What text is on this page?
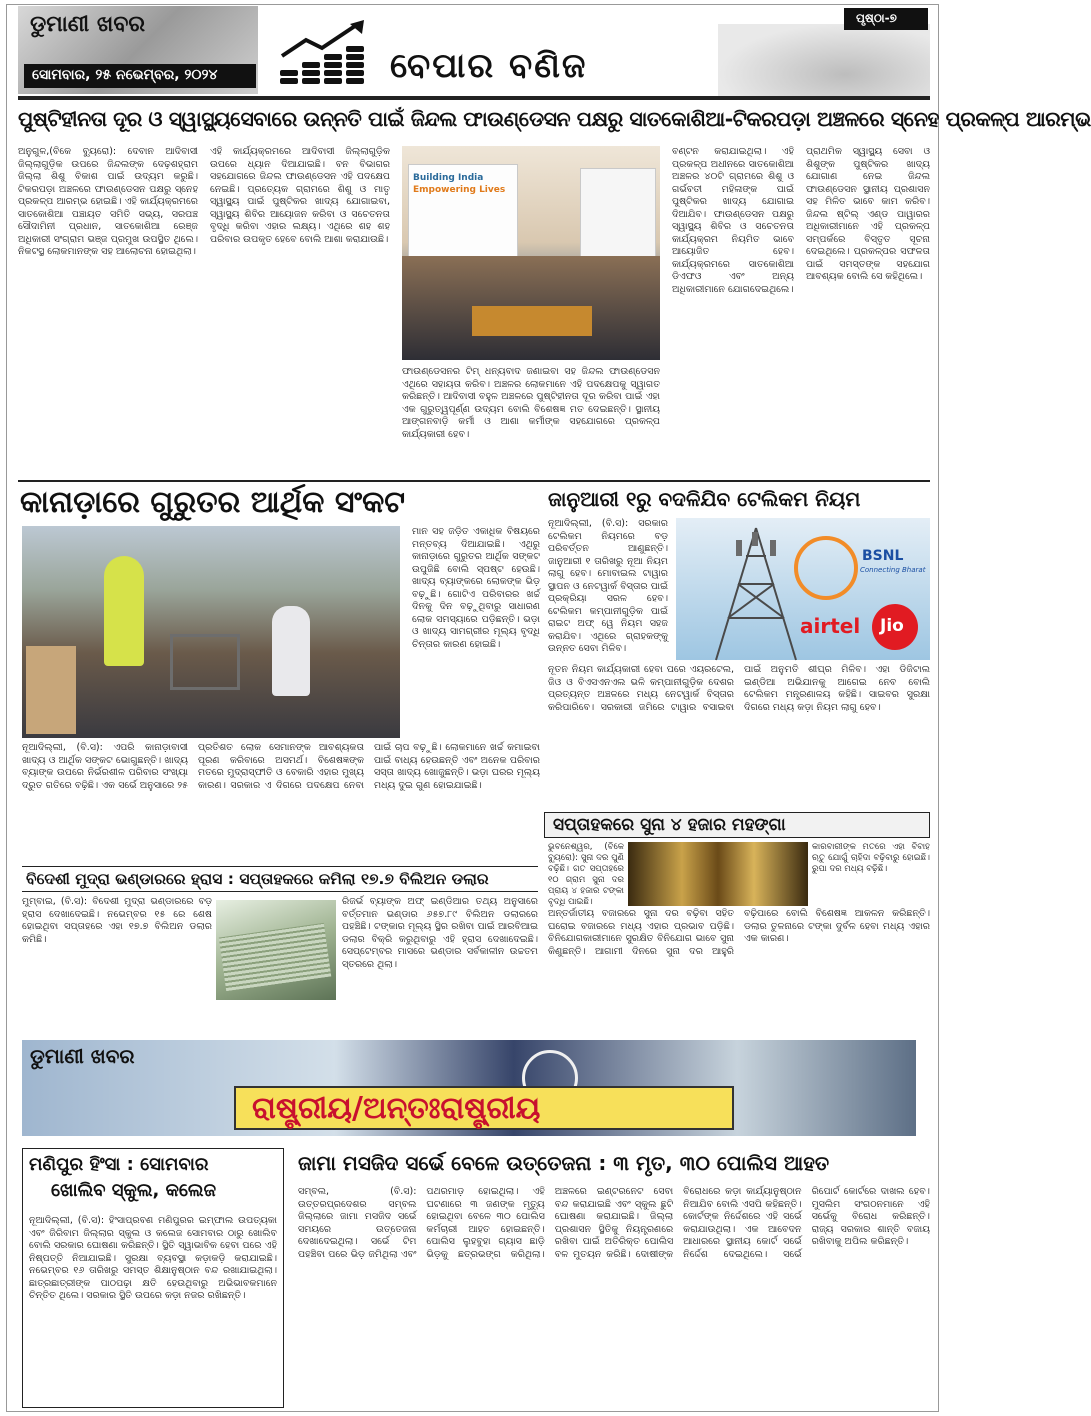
ଡୁମାଣୀ ଖବର
ସୋମବାର, ୨୫ ନଭେମ୍ବର, ୨୦୨୪	ବେପାର ବଣିଜ
ପୃଷ୍ଠା-୭
ପୁଷ୍ଟିହୀନତା ଦୂର ଓ ସ୍ୱାସ୍ଥ୍ୟସେବାରେ ଉନ୍ନତି ପାଇଁ ଜିନ୍ଦଲ ଫାଉଣ୍ଡେସନ ପକ୍ଷରୁ ସାତକୋଶିଆ-ଟିକରପଡ଼ା ଅଞ୍ଚଳରେ ସ୍ନେହ ପ୍ରକଳ୍ପ ଆରମ୍ଭ
ଅନୁଗୁଳ,(ବିକେ ବ୍ୟୁରୋ): ଦେବାନ ଆଦିବାସୀ ଜିଲ୍ଲାଗୁଡ଼ିକ ଉପରେ ଜିନ୍ଦଲଙ୍କ ଦେଢ଼ଶହ୍ରାମ ଜିଲ୍ଲା ଶିଶୁ ବିକାଶ ପାଇଁ ଉଦ୍ୟମ କରୁଛି। ଟିକରପଡ଼ା ଅଞ୍ଚଳରେ ଫାଉଣ୍ଡେସନ ପକ୍ଷରୁ ସ୍ନେହ ପ୍ରକଳ୍ପ ଆରମ୍ଭ ହୋଇଛି। ଏହି କାର୍ଯ୍ୟକ୍ରମରେ ସାତକୋଶିଆ ପଞ୍ଚାୟତ ସମିତି ସଭ୍ୟ, ସରପଞ୍ଚ ସୌଦାମିନୀ ପ୍ରଧାନ, ସାତକୋଶିଆ ରେଞ୍ଜ ଅଧିକାରୀ ସଂଗ୍ରାମ ଭଞ୍ଜ ପ୍ରମୁଖ ଉପସ୍ଥିତ ଥିଲେ। ନିକଟସ୍ଥ ଲୋକମାନଙ୍କ ସହ ଆଲୋଚନା ହୋଇଥିଲା।
ଏହି କାର୍ଯ୍ୟକ୍ରମରେ ଆଦିବାସୀ ଜିଲ୍ଲାଗୁଡ଼ିକ ଉପରେ ଧ୍ୟାନ ଦିଆଯାଇଛି। ବନ ବିଭାଗର ସହଯୋଗରେ ଜିନ୍ଦଲ ଫାଉଣ୍ଡେସନ ଏହି ପଦକ୍ଷେପ ନେଇଛି। ପ୍ରତ୍ୟେକ ଗ୍ରାମରେ ଶିଶୁ ଓ ମାତୃ ସ୍ୱାସ୍ଥ୍ୟ ପାଇଁ ପୁଷ୍ଟିକର ଖାଦ୍ୟ ଯୋଗାଇବା, ସ୍ୱାସ୍ଥ୍ୟ ଶିବିର ଆୟୋଜନ କରିବା ଓ ସଚେତନତା ବୃଦ୍ଧି କରିବା ଏହାର ଲକ୍ଷ୍ୟ। ଏଥିରେ ଶହ ଶହ ପରିବାର ଉପକୃତ ହେବେ ବୋଲି ଆଶା କରାଯାଉଛି।
Building India
Empowering Lives
ବଣ୍ଟନ କରାଯାଇଥିଲା। ଏହି ପ୍ରକଳ୍ପ ଅଧୀନରେ ସାତକୋଶିଆ ଅଞ୍ଚଳର ୪୦ଟି ଗ୍ରାମରେ ଶିଶୁ ଓ ଗର୍ଭବତୀ ମହିଳାଙ୍କ ପାଇଁ ପୁଷ୍ଟିକର ଖାଦ୍ୟ ଯୋଗାଇ ଦିଆଯିବ। ଫାଉଣ୍ଡେସନ ପକ୍ଷରୁ ସ୍ୱାସ୍ଥ୍ୟ ଶିବିର ଓ ସଚେତନତା କାର୍ଯ୍ୟକ୍ରମ ନିୟମିତ ଭାବେ ଆୟୋଜିତ ହେବ। କାର୍ଯ୍ୟକ୍ରମରେ ସାତକୋଶିଆ ଡିଏଫଓ ଏବଂ ଅନ୍ୟ ଅଧିକାରୀମାନେ ଯୋଗଦେଇଥିଲେ।
ପ୍ରାଥମିକ ସ୍ୱାସ୍ଥ୍ୟ ସେବା ଓ ଶିଶୁଙ୍କ ପୁଷ୍ଟିକର ଖାଦ୍ୟ ଯୋଗାଣ ନେଇ ଜିନ୍ଦଲ ଫାଉଣ୍ଡେସନ ସ୍ଥାନୀୟ ପ୍ରଶାସନ ସହ ମିଳିତ ଭାବେ କାମ କରିବ। ଜିନ୍ଦଲ ଷ୍ଟିଲ୍ ଏଣ୍ଡ ପାୱାରର ଅଧିକାରୀମାନେ ଏହି ପ୍ରକଳ୍ପ ସମ୍ପର୍କରେ ବିସ୍ତୃତ ସୂଚନା ଦେଇଥିଲେ। ପ୍ରକଳ୍ପର ସଫଳତା ପାଇଁ ସମସ୍ତଙ୍କ ସହଯୋଗ ଆବଶ୍ୟକ ବୋଲି ସେ କହିଥିଲେ।
ଫାଉଣ୍ଡେସନର ଟିମ୍ ଧନ୍ୟବାଦ ଜଣାଇବା ସହ ଜିନ୍ଦଲ ଫାଉଣ୍ଡେସନ ଏଥିରେ ସହାୟତା କରିବ। ଅଞ୍ଚଳର ଲୋକମାନେ ଏହି ପଦକ୍ଷେପକୁ ସ୍ୱାଗତ କରିଛନ୍ତି। ଆଦିବାସୀ ବହୁଳ ଅଞ୍ଚଳରେ ପୁଷ୍ଟିହୀନତା ଦୂର କରିବା ପାଇଁ ଏହା ଏକ ଗୁରୁତ୍ୱପୂର୍ଣ୍ଣ ଉଦ୍ୟମ ବୋଲି ବିଶେଷଜ୍ଞ ମତ ଦେଇଛନ୍ତି। ସ୍ଥାନୀୟ ଆଙ୍ଗନବାଡ଼ି କର୍ମୀ ଓ ଆଶା କର୍ମୀଙ୍କ ସହଯୋଗରେ ପ୍ରକଳ୍ପ କାର୍ଯ୍ୟକାରୀ ହେବ।
କାନାଡ଼ାରେ ଗୁରୁତର ଆର୍ଥିକ ସଂକଟ
ମାନ ସହ ଜଡ଼ିତ ଏକାଧିକ ବିଷୟରେ ମନ୍ତବ୍ୟ ଦିଆଯାଇଛି। ଏଥିରୁ କାନାଡ଼ାରେ ଗୁରୁତର ଆର୍ଥିକ ସଙ୍କଟ ଉପୁଜିଛି ବୋଲି ସ୍ପଷ୍ଟ ହେଉଛି। ଖାଦ୍ୟ ବ୍ୟାଙ୍କରେ ଲୋକଙ୍କ ଭିଡ଼ ବଢ଼ୁଛି। ଗୋଟିଏ ପରିବାରର ଖର୍ଚ୍ଚ ଦିନକୁ ଦିନ ବଢ଼ୁଥିବାରୁ ସାଧାରଣ ଲୋକ ସମସ୍ୟାରେ ପଡ଼ିଛନ୍ତି। ଭଡ଼ା ଓ ଖାଦ୍ୟ ସାମଗ୍ରୀର ମୂଲ୍ୟ ବୃଦ୍ଧି ଚିନ୍ତାର କାରଣ ହୋଇଛି।
ନୂଆଦିଲ୍ଲୀ, (ବି.ସ): ଏପରି କାନାଡ଼ାବାସୀ ଖାଦ୍ୟ ଓ ଆର୍ଥିକ ସଙ୍କଟ ଭୋଗୁଛନ୍ତି। ଖାଦ୍ୟ ବ୍ୟାଙ୍କ ଉପରେ ନିର୍ଭରଶୀଳ ପରିବାର ସଂଖ୍ୟା ଦ୍ରୁତ ଗତିରେ ବଢ଼ିଛି। ଏକ ସର୍ଭେ ଅନୁସାରେ ୨୫ ପ୍ରତିଶତ ଲୋକ ସେମାନଙ୍କ ଆବଶ୍ୟକତା ପୂରଣ କରିବାରେ ଅସମର୍ଥ। ବିଶେଷଜ୍ଞଙ୍କ ମତରେ ମୁଦ୍ରାସ୍ଫୀତି ଓ ବେକାରି ଏହାର ମୁଖ୍ୟ କାରଣ। ସରକାର ଏ ଦିଗରେ ପଦକ୍ଷେପ ନେବା ପାଇଁ ଚାପ ବଢ଼ୁଛି। ଲୋକମାନେ ଖର୍ଚ୍ଚ କମାଇବା ପାଇଁ ବାଧ୍ୟ ହେଉଛନ୍ତି ଏବଂ ଅନେକ ପରିବାର ସସ୍ତା ଖାଦ୍ୟ ଖୋଜୁଛନ୍ତି। ଭଡ଼ା ଘରର ମୂଲ୍ୟ ମଧ୍ୟ ଦୁଇ ଗୁଣ ହୋଇଯାଇଛି।
ଜାନୁଆରୀ ୧ରୁ ବଦଳିଯିବ ଟେଲିକମ ନିୟମ
ନୂଆଦିଲ୍ଲୀ, (ବି.ସ): ସରକାର ଟେଲିକମ ନିୟମରେ ବଡ଼ ପରିବର୍ତ୍ତନ ଆଣୁଛନ୍ତି। ଜାନୁଆରୀ ୧ ତାରିଖରୁ ନୂଆ ନିୟମ ଲାଗୁ ହେବ। ମୋବାଇଲ ଟାୱାର ସ୍ଥାପନ ଓ ନେଟୱାର୍କ ବିସ୍ତାର ପାଇଁ ପ୍ରକ୍ରିୟା ସରଳ ହେବ। ଟେଲିକମ କମ୍ପାନୀଗୁଡ଼ିକ ପାଇଁ ରାଇଟ ଅଫ୍ ୱେ ନିୟମ ସହଜ କରାଯିବ। ଏଥିରେ ଗ୍ରାହକଙ୍କୁ ଉନ୍ନତ ସେବା ମିଳିବ।
BSNL
Connecting Bharat
airtel Jio
ନୂତନ ନିୟମ କାର୍ଯ୍ୟକାରୀ ହେବା ପରେ ଏୟରଟେଲ, ଜିଓ ଓ ବିଏସଏନଏଲ ଭଳି କମ୍ପାନୀଗୁଡ଼ିକ ଦେଶର ପ୍ରତ୍ୟନ୍ତ ଅଞ୍ଚଳରେ ମଧ୍ୟ ନେଟୱାର୍କ ବିସ୍ତାର କରିପାରିବେ। ସରକାରୀ ଜମିରେ ଟାୱାର ବସାଇବା ପାଇଁ ଅନୁମତି ଶୀଘ୍ର ମିଳିବ। ଏହା ଡିଜିଟାଲ ଇଣ୍ଡିଆ ଅଭିଯାନକୁ ଆଗେଇ ନେବ ବୋଲି ଟେଲିକମ ମନ୍ତ୍ରଣାଳୟ କହିଛି। ସାଇବର ସୁରକ୍ଷା ଦିଗରେ ମଧ୍ୟ କଡ଼ା ନିୟମ ଲାଗୁ ହେବ।
ସପ୍ତାହକରେ ସୁନା ୪ ହଜାର ମହଙ୍ଗା
ଭୁବନେଶ୍ୱର, (ବିକେ ବ୍ୟୁରୋ): ସୁନା ଦର ପୁଣି ବଢ଼ିଛି। ଗତ ସପ୍ତାହରେ ୧୦ ଗ୍ରାମ ସୁନା ଦର ପ୍ରାୟ ୪ ହଜାର ଟଙ୍କା ବୃଦ୍ଧି ପାଇଛି।
କାରବାରୀଙ୍କ ମତରେ ଏହା ବିବାହ ଋତୁ ଯୋଗୁଁ ଚାହିଦା ବଢ଼ିବାରୁ ହୋଇଛି। ରୁପା ଦର ମଧ୍ୟ ବଢ଼ିଛି।
ଅନ୍ତର୍ଜାତୀୟ ବଜାରରେ ସୁନା ଦର ବଢ଼ିବା ସହିତ ଘରୋଇ ବଜାରରେ ମଧ୍ୟ ଏହାର ପ୍ରଭାବ ପଡ଼ିଛି। ବିନିଯୋଗକାରୀମାନେ ସୁରକ୍ଷିତ ବିନିଯୋଗ ଭାବେ ସୁନା କିଣୁଛନ୍ତି। ଆଗାମୀ ଦିନରେ ସୁନା ଦର ଆହୁରି ବଢ଼ିପାରେ ବୋଲି ବିଶେଷଜ୍ଞ ଆକଳନ କରିଛନ୍ତି। ଡଲାର ତୁଳନାରେ ଟଙ୍କା ଦୁର୍ବଳ ହେବା ମଧ୍ୟ ଏହାର ଏକ କାରଣ।
ବିଦେଶୀ ମୁଦ୍ରା ଭଣ୍ଡାରରେ ହ୍ରାସ : ସପ୍ତାହକରେ କମିଲା ୧୭.୭ ବିଲିଅନ ଡଲାର
ମୁମ୍ବାଇ, (ବି.ସ): ବିଦେଶୀ ମୁଦ୍ରା ଭଣ୍ଡାରରେ ବଡ଼ ହ୍ରାସ ଦେଖାଦେଇଛି। ନଭେମ୍ବର ୧୫ ରେ ଶେଷ ହୋଇଥିବା ସପ୍ତାହରେ ଏହା ୧୭.୭ ବିଲିଅନ ଡଲାର କମିଛି।
ରିଜର୍ଭ ବ୍ୟାଙ୍କ ଅଫ୍ ଇଣ୍ଡିଆର ତଥ୍ୟ ଅନୁସାରେ ବର୍ତ୍ତମାନ ଭଣ୍ଡାର ୬୫୭.୮୯ ବିଲିଅନ ଡଲାରରେ ପହଞ୍ଚିଛି। ଟଙ୍କାର ମୂଲ୍ୟ ସ୍ଥିର ରଖିବା ପାଇଁ ଆରବିଆଇ ଡଲାର ବିକ୍ରି କରୁଥିବାରୁ ଏହି ହ୍ରାସ ଦେଖାଦେଇଛି। ସେପ୍ଟେମ୍ବର ମାସରେ ଭଣ୍ଡାର ସର୍ବକାଳୀନ ଉଚ୍ଚତମ ସ୍ତରରେ ଥିଲା।
ଡୁମାଣୀ ଖବର
ରାଷ୍ଟ୍ରୀୟ/ଅନ୍ତଃରାଷ୍ଟ୍ରୀୟ
ମଣିପୁର ହିଂସା : ସୋମବାର
ଖୋଲିବ ସ୍କୁଲ, କଲେଜ
ନୂଆଦିଲ୍ଲୀ, (ବି.ସ): ହିଂସାପ୍ରବଣ ମଣିପୁରର ଇମ୍ଫାଲ ଉପତ୍ୟକା ଏବଂ ଜିରିବାମ ଜିଲ୍ଲାର ସ୍କୁଲ ଓ କଲେଜ ସୋମବାର ଠାରୁ ଖୋଲିବ ବୋଲି ସରକାର ଘୋଷଣା କରିଛନ୍ତି। ସ୍ଥିତି ସ୍ୱାଭାବିକ ହେବା ପରେ ଏହି ନିଷ୍ପତ୍ତି ନିଆଯାଇଛି। ସୁରକ୍ଷା ବ୍ୟବସ୍ଥା କଡ଼ାକଡ଼ି କରାଯାଇଛି। ନଭେମ୍ବର ୧୬ ତାରିଖରୁ ସମସ୍ତ ଶିକ୍ଷାନୁଷ୍ଠାନ ବନ୍ଦ ରଖାଯାଇଥିଲା। ଛାତ୍ରଛାତ୍ରୀଙ୍କ ପାଠପଢ଼ା କ୍ଷତି ହେଉଥିବାରୁ ଅଭିଭାବକମାନେ ଚିନ୍ତିତ ଥିଲେ। ସରକାର ସ୍ଥିତି ଉପରେ କଡ଼ା ନଜର ରଖିଛନ୍ତି।
ଜାମା ମସଜିଦ ସର୍ଭେ ବେଳେ ଉତ୍ତେଜନା : ୩ ମୃତ, ୩୦ ପୋଲିସ ଆହତ
ସମ୍ବଲ, (ବି.ସ): ଉତ୍ତରପ୍ରଦେଶର ସମ୍ବଲ ଜିଲ୍ଲାରେ ଜାମା ମସଜିଦ ସର୍ଭେ ସମୟରେ ଉତ୍ତେଜନା ଦେଖାଦେଇଥିଲା। ସର୍ଭେ ଟିମ ପହଞ୍ଚିବା ପରେ ଭିଡ଼ ଜମିଥିଲା ଏବଂ ପଥରମାଡ଼ ହୋଇଥିଲା। ଏହି ଘଟଣାରେ ୩ ଜଣଙ୍କ ମୃତ୍ୟୁ ହୋଇଥିବା ବେଳେ ୩୦ ପୋଲିସ କର୍ମଚାରୀ ଆହତ ହୋଇଛନ୍ତି। ପୋଲିସ ଲୁହବୁହା ଗ୍ୟାସ ଛାଡ଼ି ଭିଡ଼କୁ ଛତ୍ରଭଙ୍ଗ କରିଥିଲା। ଅଞ୍ଚଳରେ ଇଣ୍ଟରନେଟ ସେବା ବନ୍ଦ କରାଯାଇଛି ଏବଂ ସ୍କୁଲ ଛୁଟି ଘୋଷଣା କରାଯାଇଛି। ଜିଲ୍ଲା ପ୍ରଶାସନ ସ୍ଥିତିକୁ ନିୟନ୍ତ୍ରଣରେ ରଖିବା ପାଇଁ ଅତିରିକ୍ତ ପୋଲିସ ବଳ ମୁତୟନ କରିଛି। ଦୋଷୀଙ୍କ ବିରୋଧରେ କଡ଼ା କାର୍ଯ୍ୟାନୁଷ୍ଠାନ ନିଆଯିବ ବୋଲି ଏସପି କହିଛନ୍ତି। କୋର୍ଟଙ୍କ ନିର୍ଦ୍ଦେଶରେ ଏହି ସର୍ଭେ କରାଯାଉଥିଲା। ଏକ ଆବେଦନ ଆଧାରରେ ସ୍ଥାନୀୟ କୋର୍ଟ ସର୍ଭେ ନିର୍ଦ୍ଦେଶ ଦେଇଥିଲେ। ସର୍ଭେ ରିପୋର୍ଟ କୋର୍ଟରେ ଦାଖଲ ହେବ। ମୁସଲିମ ସଂଗଠନମାନେ ଏହି ସର୍ଭେକୁ ବିରୋଧ କରିଛନ୍ତି। ରାଜ୍ୟ ସରକାର ଶାନ୍ତି ବଜାୟ ରଖିବାକୁ ଅପିଲ କରିଛନ୍ତି।
